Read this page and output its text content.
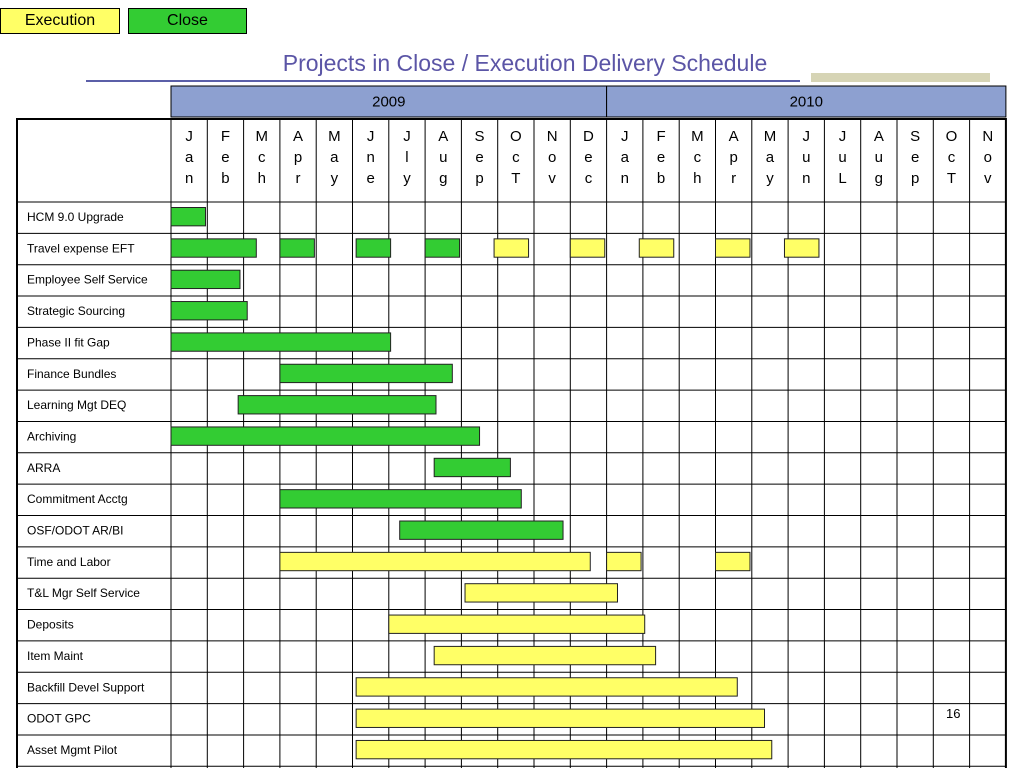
Execution	Close
Projects in Close / Execution Delivery Schedule
2009	2010
J
a
n
F
e
b
M
c
h
A
p
r
M
a
y
J
n
e
J
l
y
A
u
g
S
e
p
O
c
T
N
o
v
D
e
c
J
a
n
F
e
b
M
c
h
A
p
r
M
a
y
J
u
n
J
u
L
A
u
g
S
e
p
O
c
T
N
o
v
HCM 9.0 Upgrade
Travel expense EFT
Employee Self Service
Strategic Sourcing
Phase II fit Gap
Finance Bundles
Learning Mgt DEQ
Archiving
ARRA
Commitment Acctg
OSF/ODOT AR/BI
Time and Labor
T&L Mgr Self Service
Deposits
Item Maint
Backfill Devel Support
ODOT GPC
Asset Mgmt Pilot
16
